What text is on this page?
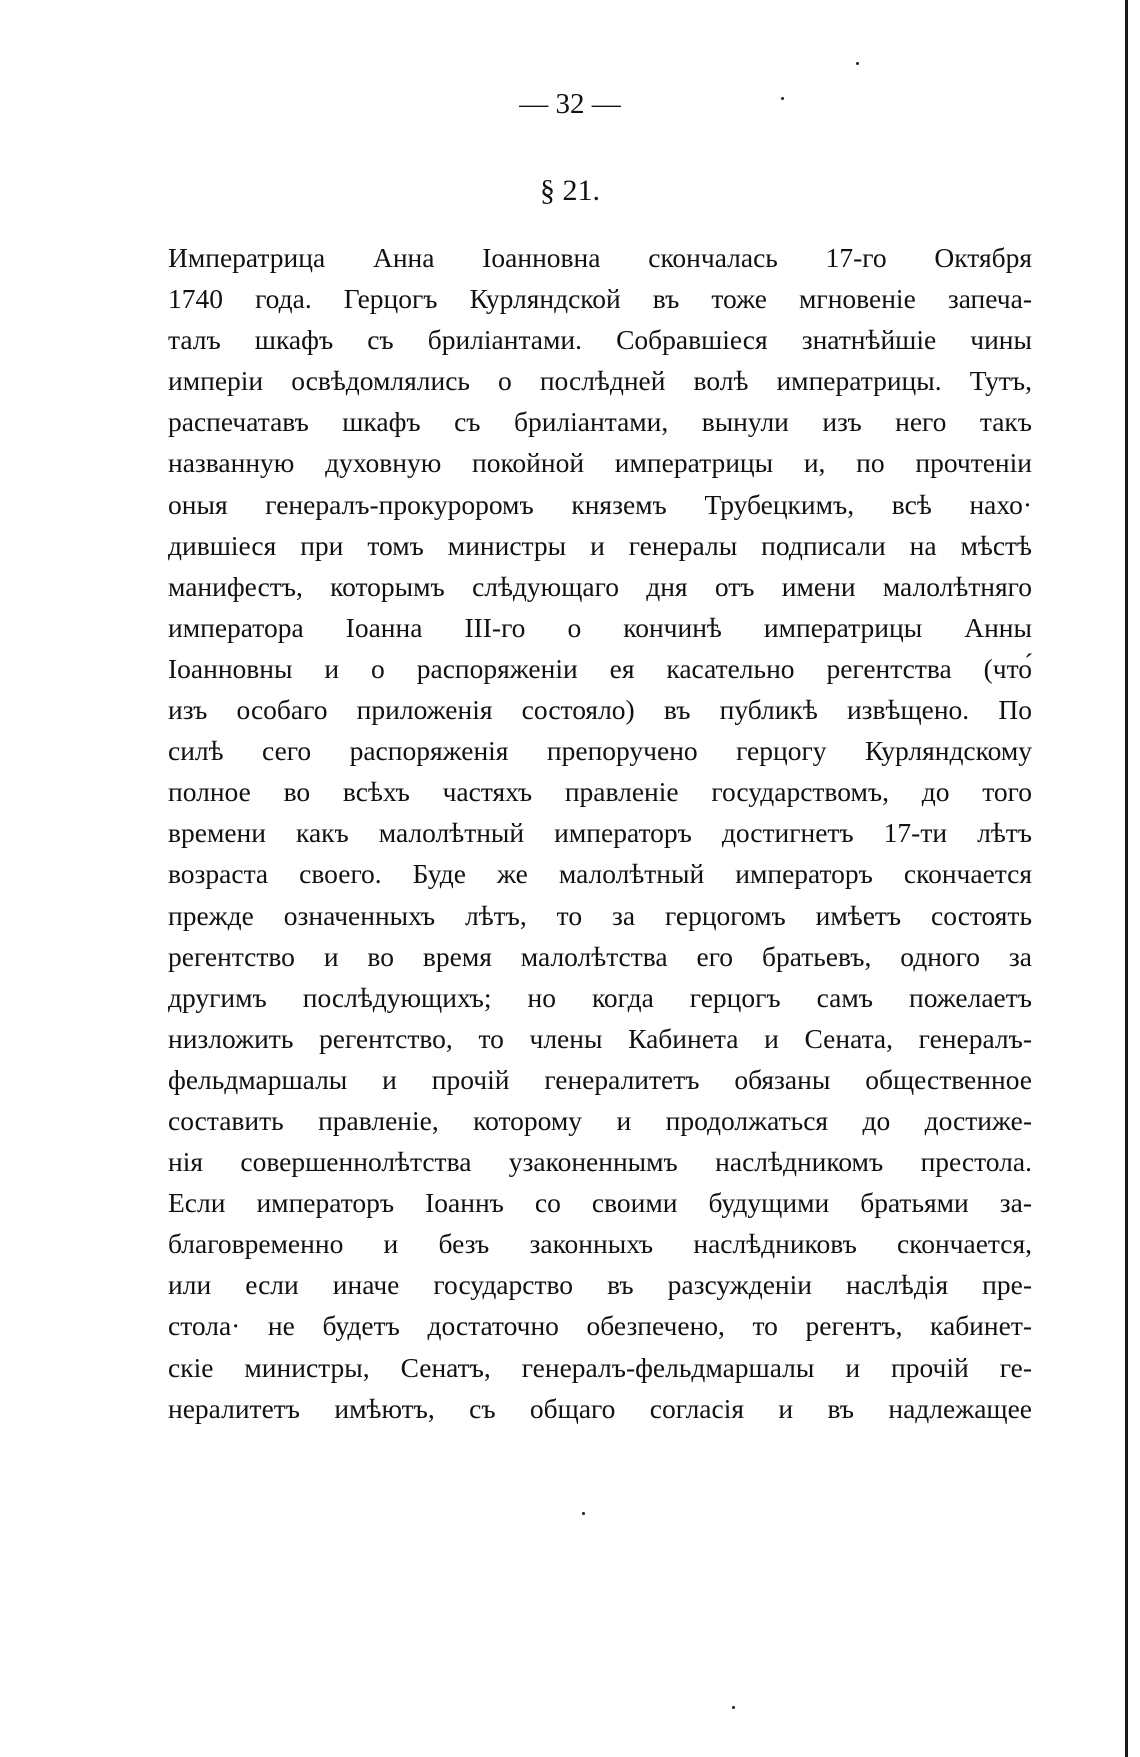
— 32 —
§ 21.
Императрица Анна Іоанновна скончалась 17-го Октября
1740 года. Герцогъ Курляндской въ тоже мгновеніе запеча-
талъ шкафъ съ бриліантами. Собравшіеся знатнѣйшіе чины
имперіи освѣдомлялись о послѣдней волѣ императрицы. Тутъ,
распечатавъ шкафъ съ бриліантами, вынули изъ него такъ
названную духовную покойной императрицы и, по прочтеніи
оныя генералъ-прокуроромъ княземъ Трубецкимъ, всѣ нахо·
дившіеся при томъ министры и генералы подписали на мѣстѣ
манифестъ, которымъ слѣдующаго дня отъ имени малолѣтняго
императора Іоанна III-го о кончинѣ императрицы Анны
Іоанновны и о распоряженіи ея касательно регентства (что́
изъ особаго приложенія состояло) въ публикѣ извѣщено. По
силѣ сего распоряженія препоручено герцогу Курляндскому
полное во всѣхъ частяхъ правленіе государствомъ, до того
времени какъ малолѣтный императоръ достигнетъ 17-ти лѣтъ
возраста своего. Буде же малолѣтный императоръ скончается
прежде означенныхъ лѣтъ, то за герцогомъ имѣетъ состоять
регентство и во время малолѣтства его братьевъ, одного за
другимъ послѣдующихъ; но когда герцогъ самъ пожелаетъ
низложить регентство, то члены Кабинета и Сената, генералъ-
фельдмаршалы и прочій генералитетъ обязаны общественное
составить правленіе, которому и продолжаться до достиже-
нія совершеннолѣтства узаконеннымъ наслѣдникомъ престола.
Если императоръ Іоаннъ со своими будущими братьями за-
благовременно и безъ законныхъ наслѣдниковъ скончается,
или если иначе государство въ разсужденіи наслѣдія пре-
стола· не будетъ достаточно обезпечено, то регентъ, кабинет-
скіе министры, Сенатъ, генералъ-фельдмаршалы и прочій ге-
нералитетъ имѣютъ, съ общаго согласія и въ надлежащее
